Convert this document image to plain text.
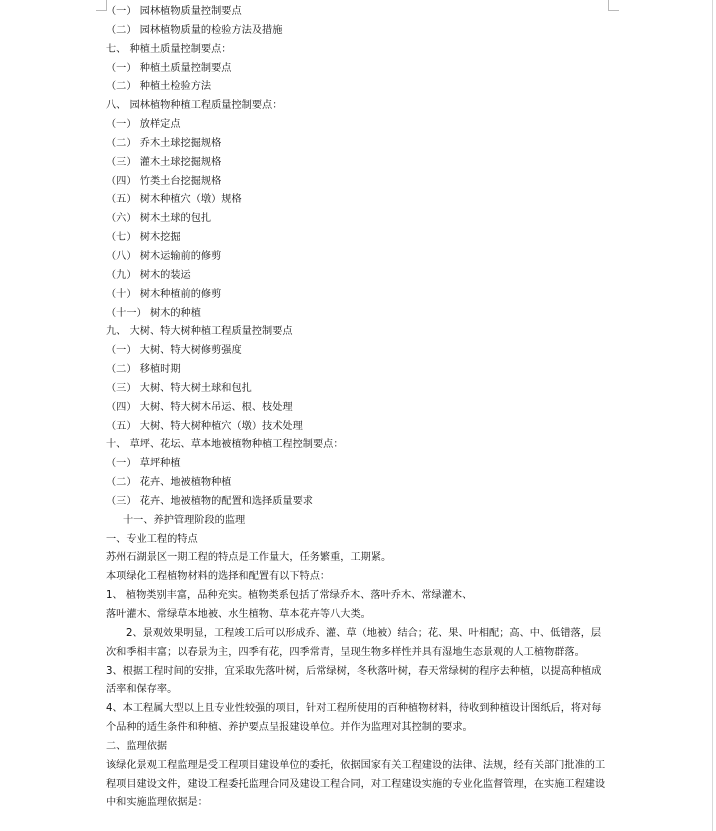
（一） 园林植物质量控制要点
（二） 园林植物质量的检验方法及措施
七、 种植土质量控制要点：
（一） 种植土质量控制要点
（二） 种植土检验方法
八、 园林植物种植工程质量控制要点：
（一） 放样定点
（二） 乔木土球挖掘规格
（三） 灌木土球挖掘规格
（四） 竹类土台挖掘规格
（五） 树木种植穴（墩）规格
（六） 树木土球的包扎
（七） 树木挖掘
（八） 树木运输前的修剪
（九） 树木的装运
（十） 树木种植前的修剪
（十一） 树木的种植
九、 大树、特大树种植工程质量控制要点
（一） 大树、特大树修剪强度
（二） 移植时期
（三） 大树、特大树土球和包扎
（四） 大树、特大树木吊运、根、枝处理
（五） 大树、特大树种植穴（墩）技术处理
十、 草坪、花坛、草本地被植物种植工程控制要点：
（一） 草坪种植
（二） 花卉、地被植物种植
（三） 花卉、地被植物的配置和选择质量要求
十一、养护管理阶段的监理
一、专业工程的特点
苏州石湖景区一期工程的特点是工作量大，任务繁重，工期紧。
本项绿化工程植物材料的选择和配置有以下特点：
1、 植物类别丰富，品种充实。植物类系包括了常绿乔木、落叶乔木、常绿灌木、
落叶灌木、常绿草本地被、水生植物、草本花卉等八大类。
2、景观效果明显，工程竣工后可以形成乔、灌、草（地被）结合；花、果、叶相配；高、中、低错落，层次和季相丰富；以春景为主，四季有花，四季常青，呈现生物多样性并具有湿地生态景观的人工植物群落。
3、根据工程时间的安排，宜采取先落叶树，后常绿树，冬秋落叶树，春天常绿树的程序去种植，以提高种植成活率和保存率。
4、本工程属大型以上且专业性较强的项目，针对工程所使用的百种植物材料，待收到种植设计图纸后，将对每个品种的适生条件和种植、养护要点呈报建设单位。并作为监理对其控制的要求。
二、监理依据
该绿化景观工程监理是受工程项目建设单位的委托，依据国家有关工程建设的法律、法规，经有关部门批准的工程项目建设文件，建设工程委托监理合同及建设工程合同，对工程建设实施的专业化监督管理，在实施工程建设中和实施监理依据是：
